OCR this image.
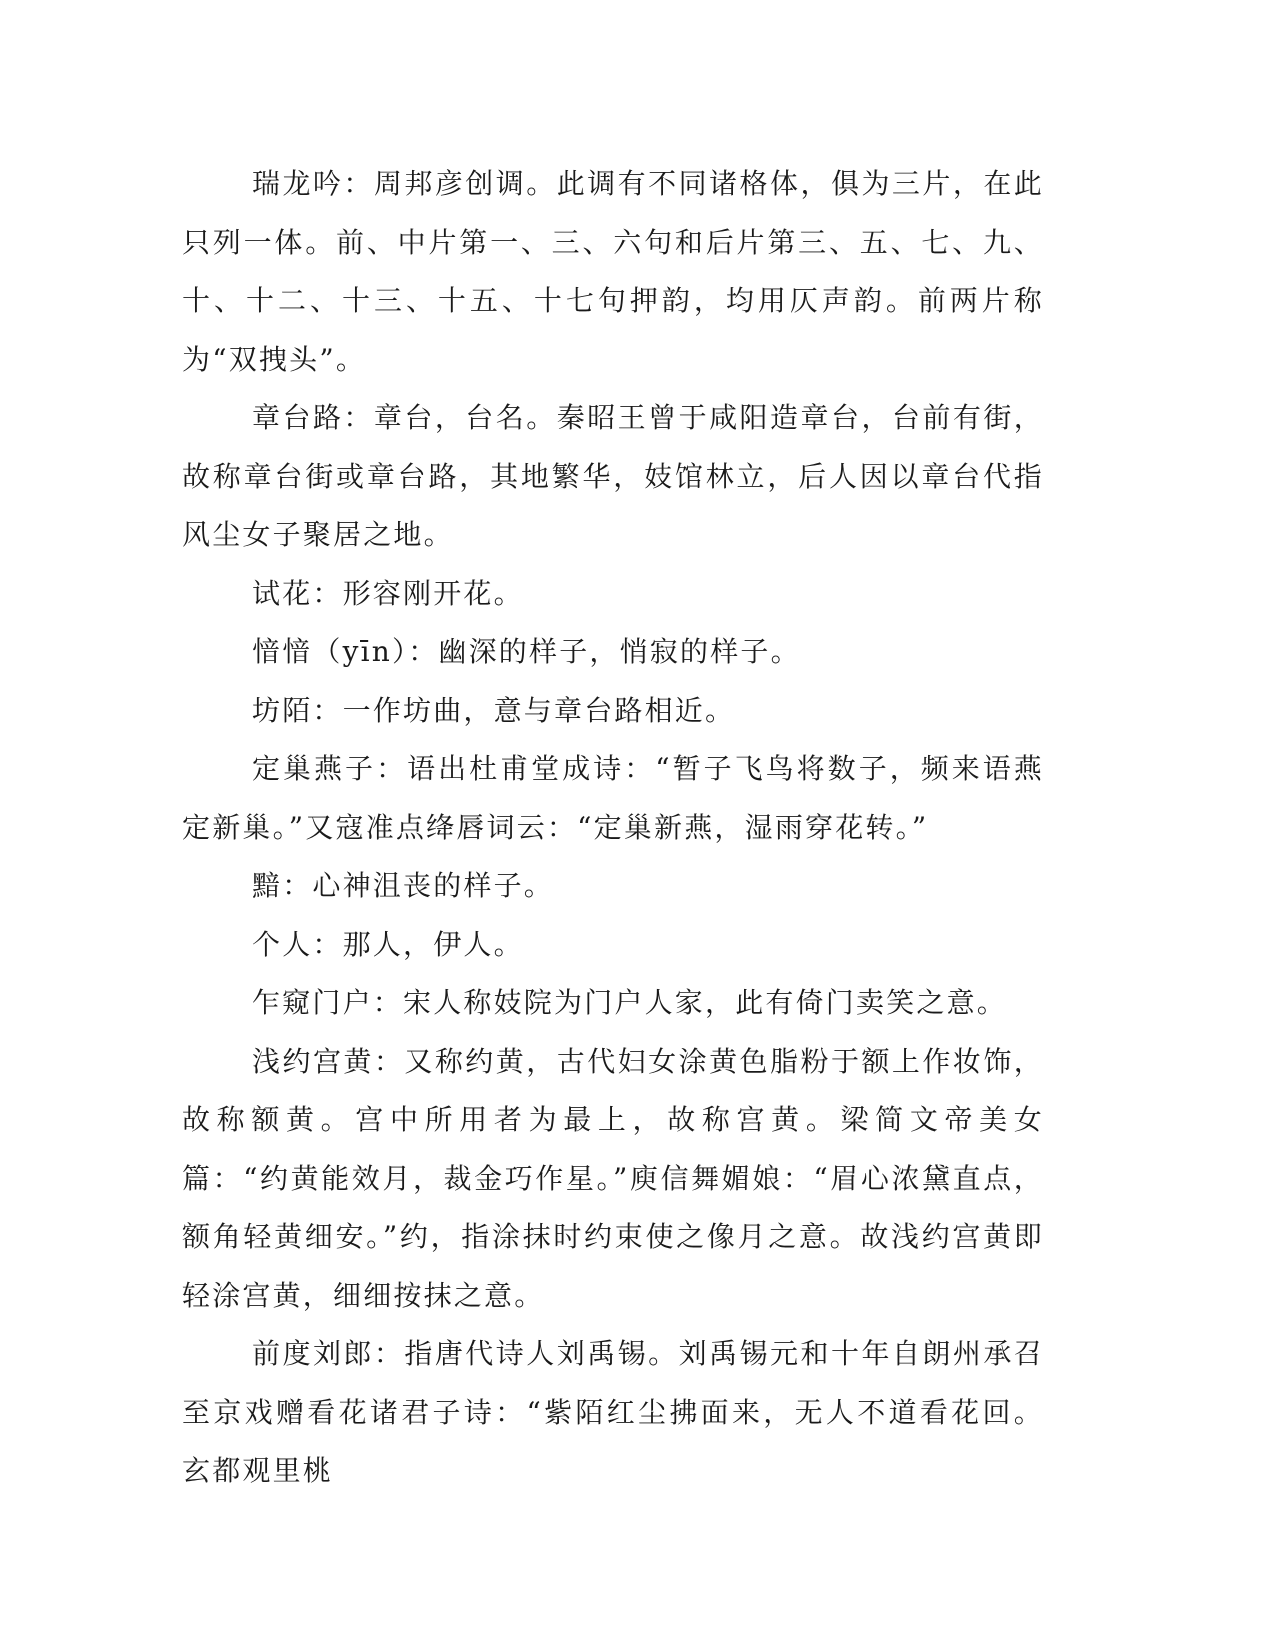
瑞龙吟：周邦彦创调。此调有不同诸格体，俱为三片，在此只列一体。前、中片第一、三、六句和后片第三、五、七、九、十、十二、十三、十五、十七句押韵，均用仄声韵。前两片称为“双拽头”。

章台路：章台，台名。秦昭王曾于咸阳造章台，台前有街，故称章台街或章台路，其地繁华，妓馆林立，后人因以章台代指风尘女子聚居之地。

试花：形容刚开花。

愔愔（yīn）：幽深的样子，悄寂的样子。

坊陌：一作坊曲，意与章台路相近。

定巢燕子：语出杜甫堂成诗：“暂子飞鸟将数子，频来语燕定新巢。”又寇准点绛唇词云：“定巢新燕，湿雨穿花转。”

黯：心神沮丧的样子。

个人：那人，伊人。

乍窥门户：宋人称妓院为门户人家，此有倚门卖笑之意。

浅约宫黄：又称约黄，古代妇女涂黄色脂粉于额上作妆饰，故称额黄。宫中所用者为最上，故称宫黄。梁简文帝美女篇：“约黄能效月，裁金巧作星。”庾信舞媚娘：“眉心浓黛直点，额角轻黄细安。”约，指涂抹时约束使之像月之意。故浅约宫黄即轻涂宫黄，细细按抹之意。

前度刘郎：指唐代诗人刘禹锡。刘禹锡元和十年自朗州承召至京戏赠看花诸君子诗：“紫陌红尘拂面来，无人不道看花回。玄都观里桃
